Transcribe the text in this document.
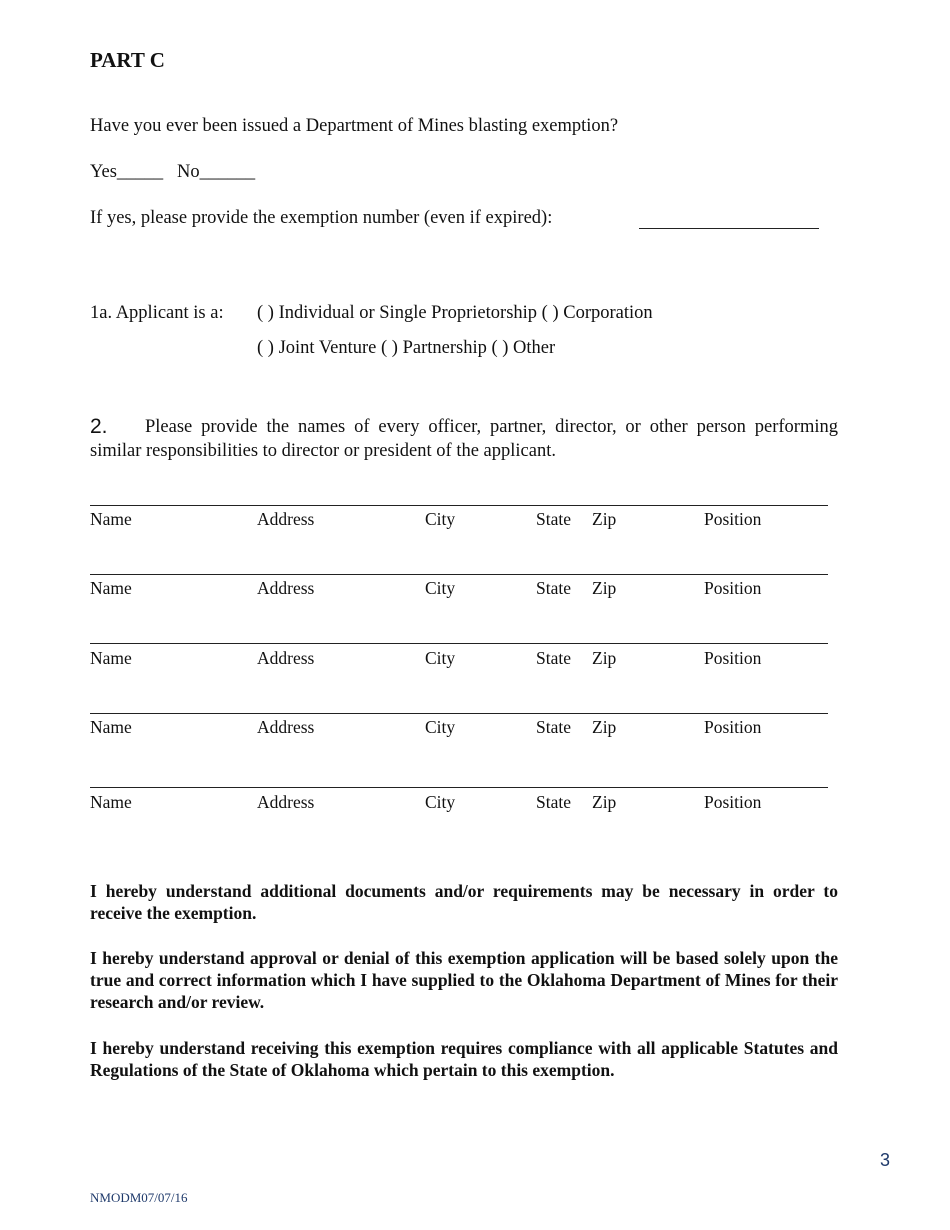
PART C
Have you ever been issued a Department of Mines blasting exemption?
Yes_____   No______
If yes, please provide the exemption number (even if expired):
1a. Applicant is a: ( ) Individual or Single Proprietorship ( ) Corporation
( ) Joint Venture ( ) Partnership ( ) Other
2.	Please provide the names of every officer, partner, director, or other person performing similar responsibilities to director or president of the applicant.
Name	Address	City	State Zip	Position
Name	Address	City	State Zip	Position
Name	Address	City	State Zip	Position
Name	Address	City	State Zip	Position
Name	Address	City	State Zip	Position
I hereby understand additional documents and/or requirements may be necessary in order to receive the exemption.
I hereby understand approval or denial of this exemption application will be based solely upon the true and correct information which I have supplied to the Oklahoma Department of Mines for their research and/or review.
I hereby understand receiving this exemption requires compliance with all applicable Statutes and Regulations of the State of Oklahoma which pertain to this exemption.
3
NMODM07/07/16
